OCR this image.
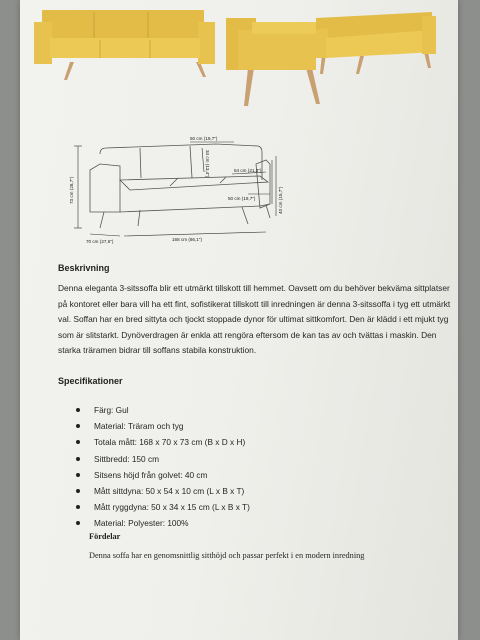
50 cm (19,7")
34 cm (13,4")	54 cm (21,3")
50 cm (19,7")	40 cm (15,7")
73 cm (28,7")
70 cm (27,6")	168 cm (66,1")
Beskrivning

Denna eleganta 3-sitssoffa blir ett utmärkt tillskott till hemmet. Oavsett om du behöver bekväma sittplatser på kontoret eller bara vill ha ett fint, sofistikerat tillskott till inredningen är denna 3-sitssoffa i tyg ett utmärkt val. Soffan har en bred sittyta och tjockt stoppade dynor för ultimat sittkomfort. Den är klädd i ett mjukt tyg som är slitstarkt. Dynöverdragen är enkla att rengöra eftersom de kan tas av och tvättas i maskin. Den starka träramen bidrar till soffans stabila konstruktion.

Specifikationer
Färg: Gul
Material: Träram och tyg
Totala mått: 168 x 70 x 73 cm (B x D x H)
Sittbredd: 150 cm
Sitsens höjd från golvet: 40 cm
Mått sittdyna: 50 x 54 x 10 cm (L x B x T)
Mått ryggdyna: 50 x 34 x 15 cm (L x B x T)
Material: Polyester: 100%

Fördelar

Denna soffa har en genomsnittlig sitthöjd och passar perfekt i en modern inredning
